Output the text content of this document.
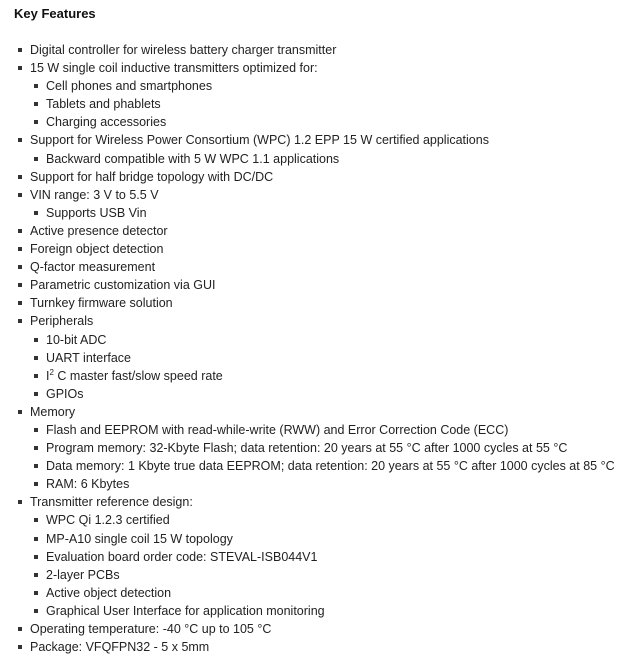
Key Features
Digital controller for wireless battery charger transmitter
15 W single coil inductive transmitters optimized for:
Cell phones and smartphones
Tablets and phablets
Charging accessories
Support for Wireless Power Consortium (WPC) 1.2 EPP 15 W certified applications
Backward compatible with 5 W WPC 1.1 applications
Support for half bridge topology with DC/DC
VIN range: 3 V to 5.5 V
Supports USB Vin
Active presence detector
Foreign object detection
Q-factor measurement
Parametric customization via GUI
Turnkey firmware solution
Peripherals
10-bit ADC
UART interface
$I^2$ C master fast/slow speed rate
GPIOs
Memory
Flash and EEPROM with read-while-write (RWW) and Error Correction Code (ECC)
Program memory: 32-Kbyte Flash; data retention: 20 years at 55 °C after 1000 cycles at 55 °C
Data memory: 1 Kbyte true data EEPROM; data retention: 20 years at 55 °C after 1000 cycles at 85 °C
RAM: 6 Kbytes
Transmitter reference design:
WPC Qi 1.2.3 certified
MP-A10 single coil 15 W topology
Evaluation board order code: STEVAL-ISB044V1
2-layer PCBs
Active object detection
Graphical User Interface for application monitoring
Operating temperature: -40 °C up to 105 °C
Package: VFQFPN32 - 5 x 5mm
